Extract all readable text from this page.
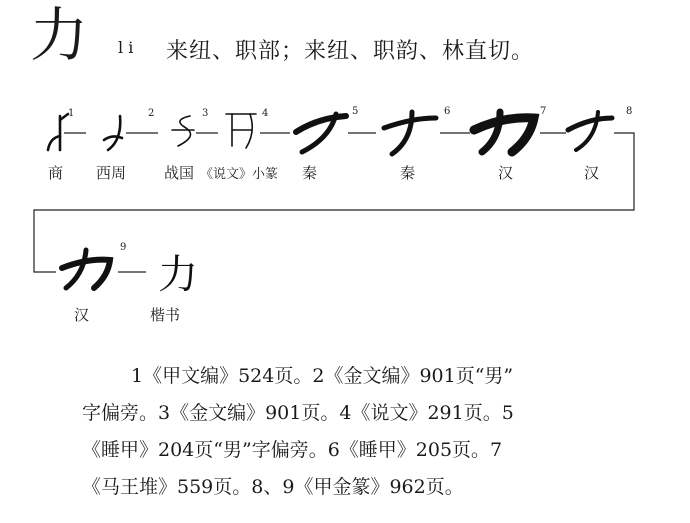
力 l i 来纽、职部；来纽、职韵、林直切。
1	2	3	4	5	6	7	8
9
力
商 西周	战国 《说文》小篆 秦	秦	汉	汉
汉	楷书
1《甲文编》524页。2《金文编》901页“男”
字偏旁。3《金文编》901页。4《说文》291页。5
《睡甲》204页“男”字偏旁。6《睡甲》205页。7
《马王堆》559页。8、9《甲金篆》962页。
